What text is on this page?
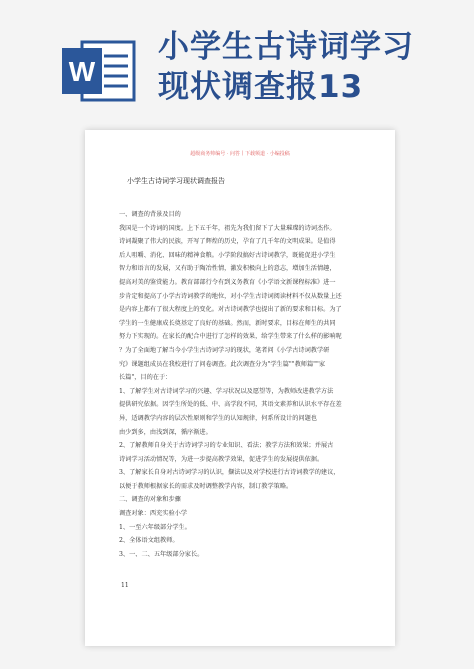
W
小学生古诗词学习
现状调查报13
超级商务帅编号 · 问答丨下载频道 · 小编投稿
小学生古诗词学习现状调查报告

一、调查的背景及目的

我国是一个诗词的国度。上下五千年，祖先为我们留下了大量璀璨的诗词杰作。

诗词凝聚了伟大的民族，开写了辉煌的历史，孕育了几千年的文明成果。是值得

后人咀嚼、消化、回味的精神食粮。小学阶段搞好古诗词教学，既能促进小学生

智力和语言的发展，又有助于陶冶性情，激发积极向上的意志，增加生活情趣，

提高对美的鉴赏能力。教育部部行令有到义务教育《小学语文新课程标准》进一

步肯定和提高了小学古诗词教学的地位，对小学生古诗词阅读材料不仅从数量上还

是内容上都有了很大程度上的变化。对古诗词教学也提出了新的要求和目标。为了

学生的一生健康成长奠基定了良好的基础。然而，新时要求，目标在师生的共同

努力下实现的。在家长的配合中进行了怎样的效果，给学生带来了什么样的影响呢

？为了全面地了解当今小学生古诗词学习的现状，笔者问《小学古诗词教学研

究》课题组成员在我校进行了问卷调查。此次调查分为"学生篇""教师篇""家

长篇"，目的在于：

1、了解学生对古诗词学习的兴趣、学习状况以及愿望等，为教师改进教学方法

提供研究依据。因学生所处的低、中、高学段不同，其语文素养和认识水平存在差

异，适调教学内容的层次性原则和学生的认知规律，何系所设计的问题也

由少到多，由浅到深，循序渐进。

2、了解教师自身关于古诗词学习的专业知识、看法；教学方法和效果；并展古

诗词学习活动情况等，为进一步提高教学效果，促进学生的发展提供依据。

3、了解家长自身对古诗词学习的认识，撷法以及对学校进行古诗词教学的建议，

以便于教师根据家长的需求及时调整教学内容，制订教学策略。

二、调查的对象和步骤

调查对象：西充实验小学

1、一至六年级部分学生。

2、全体语文组教师。

3、一、二、五年级部分家长。

11
